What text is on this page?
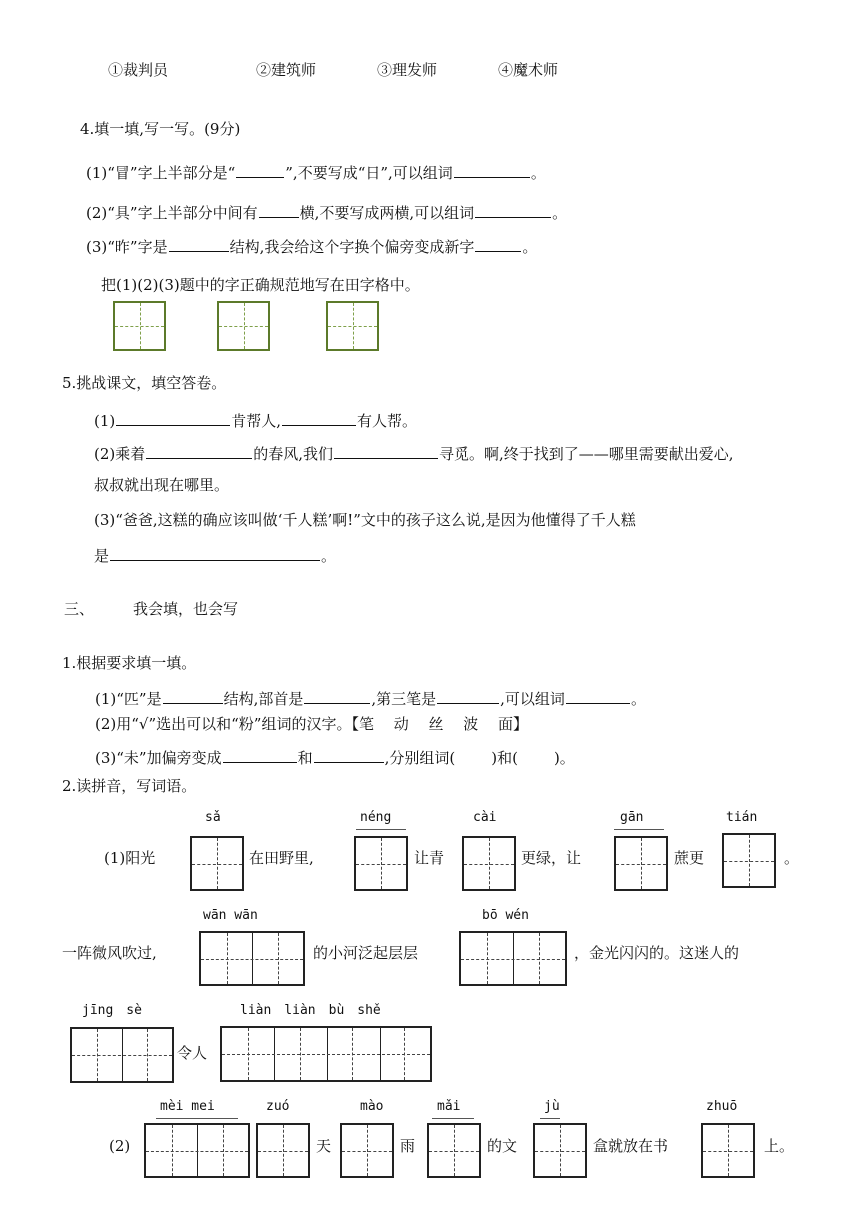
①裁判员	②建筑师	③理发师	④魔术师
4.填一填,写一写。(9分)
(1)“冒”字上半部分是“	”,不要写成“日”,可以组词	。
(2)“具”字上半部分中间有	横,不要写成两横,可以组词	。
(3)“昨”字是	结构,我会给这个字换个偏旁变成新字	。
把(1)(2)(3)题中的字正确规范地写在田字格中。
5.挑战课文，填空答卷。
(1)	肯帮人,	有人帮。
(2)乘着	的春风,我们	寻觅。啊,终于找到了——哪里需要献出爱心,
叔叔就出现在哪里。
(3)“爸爸,这糕的确应该叫做‘千人糕’啊!”文中的孩子这么说,是因为他懂得了千人糕
是	。
三、	我会填，也会写
1.根据要求填一填。
(1)“匹”是	结构,部首是	,第三笔是	,可以组词	。
(2)用“√”选出可以和“粉”组词的汉字。【笔　 动　 丝　 波　 面】
(3)“未”加偏旁变成	和	,分别组词( )和( )。
2.读拼音，写词语。
sǎ	néng	cài	gān	tián
(1)阳光	在田野里,	让青	更绿，让	蔗更	。
wān wān	bō wén
一阵微风吹过,	的小河泛起层层	，金光闪闪的。这迷人的
jīng　sè	liàn　liàn　bù　shě
令人
mèi mei	zuó	mào	mǎi	jù	zhuō
(2)	天	雨	的文	盒就放在书	上。
